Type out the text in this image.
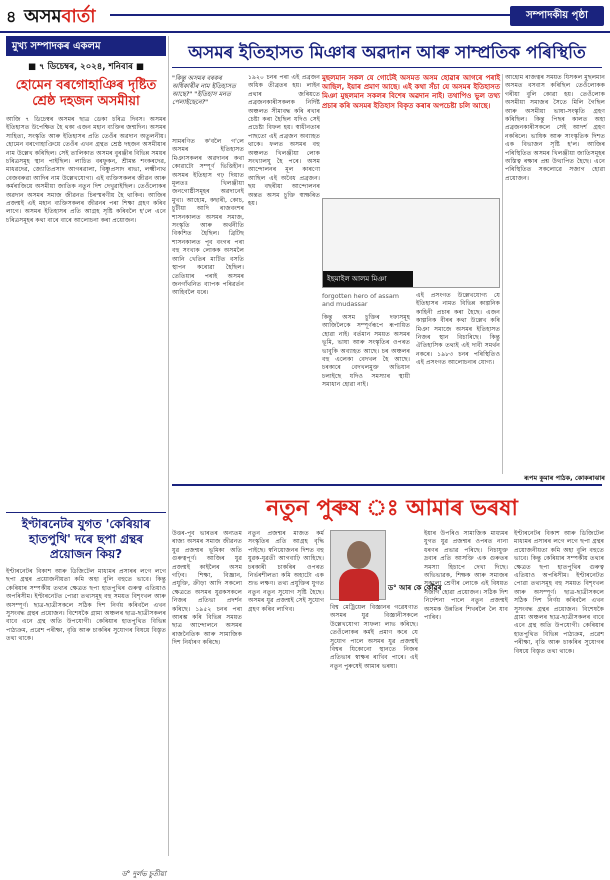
৪ অসমবাৰ্তা	সম্পাদকীয় পৃষ্ঠা
মুখ্য সম্পাদকৰ একলম
■ ৭ ডিচেম্বৰ, ২০২৪, শনিবাৰ ■
হোমেন বৰগোহাঞিৰ দৃষ্টিত শ্ৰেষ্ঠ দহজন অসমীয়া
আজি ৭ ডিচেম্বৰ অসমৰ ছাত্ৰ ডেকা চৰিত্ৰ দিবস। অসমৰ ইতিহাসত উপেক্ষিত হৈ থকা এজন মহান ব্যক্তিৰ জন্মদিন। অসমৰ সাহিত্য, সংস্কৃতি আৰু ইতিহাসৰ প্ৰতি তেওঁৰ অৱদান অতুলনীয়। হোমেন বৰগোহাঞিয়ে তেওঁৰ এখন গ্ৰন্থত শ্ৰেষ্ঠ দহজন অসমীয়াৰ নাম উল্লেখ কৰিছিল। সেই তালিকাত অসমৰ বুৰঞ্জীৰ বিভিন্ন সময়ৰ চৰিত্ৰসমূহ স্থান পাইছিল। লাচিত বৰফুকন, শ্ৰীমন্ত শংকৰদেৱ, মাধৱদেৱ, জ্যোতিপ্ৰসাদ আগৰৱালা, বিষ্ণুপ্ৰসাদ ৰাভা, লক্ষ্মীনাথ বেজবৰুৱা আদিৰ নাম উল্লেখযোগ্য। এই ব্যক্তিসকলৰ জীৱন আৰু কৰ্মৰাজিয়ে অসমীয়া জাতিক নতুন দিশ দেখুৱাইছিল। তেওঁলোকৰ অৱদান অসমৰ সমাজ জীৱনত চিৰস্মৰণীয় হৈ থাকিব। আজিৰ প্ৰজন্মই এই মহান ব্যক্তিসকলৰ জীৱনৰ পৰা শিক্ষা গ্ৰহণ কৰিব লাগে। অসমৰ ইতিহাসৰ প্ৰতি আগ্ৰহ সৃষ্টি কৰিবলৈ হ'লে এনে চৰিত্ৰসমূহৰ কথা বাৰে বাৰে আলোচনা কৰা প্ৰয়োজন।
ইণ্টাৰনেটৰ যুগত 'কেৰিয়াৰ হাতপুথি' দৰে ছপা গ্ৰন্থৰ প্ৰয়োজন কিয়?
ইণ্টাৰনেটৰ বিকাশ আৰু ডিজিটেল মাধ্যমৰ প্ৰসাৰৰ লগে লগে ছপা গ্ৰন্থৰ প্ৰয়োজনীয়তা কমি অহা বুলি বহুতে ভাবে। কিন্তু কেৰিয়াৰ সম্পৰ্কীয় তথ্যৰ ক্ষেত্ৰত ছপা হাতপুথিৰ গুৰুত্ব এতিয়াও অপৰিসীম। ইণ্টাৰনেটত পোৱা তথ্যসমূহ বহু সময়ত বিশৃংখল আৰু অসম্পূৰ্ণ। ছাত্ৰ-ছাত্ৰীসকলে সঠিক দিশ নিৰ্ণয় কৰিবলৈ এখন সুসংবদ্ধ গ্ৰন্থৰ প্ৰয়োজন। বিশেষকৈ গ্ৰাম্য অঞ্চলৰ ছাত্ৰ-ছাত্ৰীসকলৰ বাবে এনে গ্ৰন্থ অতি উপযোগী। কেৰিয়াৰ হাতপুথিত বিভিন্ন পাঠ্যক্ৰম, প্ৰৱেশ পৰীক্ষা, বৃত্তি আৰু চাকৰিৰ সুযোগৰ বিষয়ে বিস্তৃত তথ্য থাকে।
ড° দুৰ্লভ চুতীয়া
অসমৰ ইতিহাসত মিঞাৰ অৱদান আৰু সাম্প্ৰতিক পৰিস্থিতি
সামৰণিত ক'বলৈ গ'লে অসমৰ ইতিহাসত মিঞাসকলৰ অৱদানৰ কথা কোৱাটো সম্পূৰ্ণ ভিত্তিহীন। অসমৰ ইতিহাস গঢ় দিয়াত মূলতঃ খিলঞ্জীয়া জনগোষ্ঠীসমূহৰ অৱদানেই মুখ্য। আহোম, কছাৰী, কোচ, চুটীয়া আদি ৰাজবংশৰ শাসনকালত অসমৰ সমাজ, সংস্কৃতি আৰু অৰ্থনীতি বিকশিত হৈছিল। ব্ৰিটিছ শাসনকালত পূব বংগৰ পৰা বহু সংখ্যক লোকক অসমলৈ আনি খেতিৰ মাটিত বসতি স্থাপন কৰোৱা হৈছিল। তেতিয়াৰ পৰাই অসমৰ জনগাঁথনিত ব্যাপক পৰিৱৰ্তন আহিবলৈ ধৰে।
"কিন্তু অসমৰ বৰকৰ অধিকাৰীৰ নাম ইতিহাসত আছে?" "ইতিহাস মনত পেলাইছেনে?"
১৯২০ চনৰ পৰা এই প্ৰব্ৰজন অধিক তীব্ৰতৰ হয়। লাইন প্ৰথাৰ জৰিয়তে প্ৰব্ৰজনকাৰীসকলক নিৰ্দিষ্ট অঞ্চলত সীমাবদ্ধ কৰি ৰখাৰ চেষ্টা কৰা হৈছিল যদিও সেই প্ৰচেষ্টা বিফল হয়। স্বাধীনতাৰ পাছতো এই প্ৰব্ৰজন অব্যাহত থাকে। ফলত অসমৰ বহু অঞ্চলত খিলঞ্জীয়া লোক সংখ্যালঘু হৈ পৰে। অসম আন্দোলনৰ মূল কাৰণো আছিল এই অবৈধ প্ৰব্ৰজন। ছয় বছৰীয়া আন্দোলনৰ অন্তত অসম চুক্তি স্বাক্ষৰিত হয়।
মুছলমান সকল যে গোটেই অসমত অসম হোৱাৰ আগৰে পৰাই আছিল, ইয়াৰ প্ৰমাণ আছে। এই কথা সঁচা যে অসমৰ ইতিহাসত মিঞা মুছলমান সকলৰ বিশেষ অৱদান নাই। তথাপিও ভুল তথ্য প্ৰচাৰ কৰি অসমৰ ইতিহাস বিকৃত কৰাৰ অপচেষ্টা চলি আছে।
ইছমাইল আলম মিঞা
forgotten hero of assam and mudassar
কিন্তু অসম চুক্তিৰ দফাসমূহ আজিলৈকে সম্পূৰ্ণৰূপে ৰূপায়িত হোৱা নাই। বৰ্তমান সময়ত অসমৰ ভূমি, ভাষা আৰু সংস্কৃতিৰ ওপৰত ভাবুকি অব্যাহত আছে। চৰ অঞ্চলৰ বহু এলেকা বেদখল হৈ আছে। চৰকাৰে বেদখলমুক্ত অভিযান চলাইছে যদিও সমস্যাৰ স্থায়ী সমাধান হোৱা নাই।
এই প্ৰসংগত উল্লেখযোগ্য যে ইতিহাসৰ নামত বিভিন্ন কাল্পনিক কাহিনী প্ৰচাৰ কৰা হৈছে। এজন কাল্পনিক বীৰৰ কথা উল্লেখ কৰি মিঞা সমাজে অসমৰ ইতিহাসত নিজৰ স্থান বিচাৰিছে। কিন্তু ঐতিহাসিক তথ্যই এই দাবী সমৰ্থন নকৰে। ১৯৮৩ চনৰ পৰিস্থিতিও এই প্ৰসংগত আলোচনাৰ যোগ্য।
আহোম ৰাজত্বৰ সময়ত যিসকল মুছলমান অসমত বসবাস কৰিছিল তেওঁলোকক গৰীয়া বুলি কোৱা হয়। তেওঁলোক অসমীয়া সমাজৰ সৈতে মিলি গৈছিল আৰু অসমীয়া ভাষা-সংস্কৃতি গ্ৰহণ কৰিছিল। কিন্তু পিছৰ কালত অহা প্ৰব্ৰজনকাৰীসকলে সেই আদৰ্শ গ্ৰহণ নকৰিলে। ভাষিক আৰু সাংস্কৃতিক দিশত এক বিভাজন সৃষ্টি হ'ল। আজিৰ পৰিস্থিতিত অসমৰ খিলঞ্জীয়া জাতিসমূহৰ অস্তিত্ব ৰক্ষাৰ প্ৰশ্ন উত্থাপিত হৈছে। এনে পৰিস্থিতিত সকলোৱে সজাগ হোৱা প্ৰয়োজন।
ৰূপম কুমাৰ পাঠক, কোকৰাঝাৰ
নতুন পুৰুষ ঃ আমাৰ ভৰষা
উত্তৰ-পূব ভাৰতৰ অন্যতম ৰাজ্য অসমৰ সমাজ জীৱনত যুৱ প্ৰজন্মৰ ভূমিকা অতি গুৰুত্বপূৰ্ণ। আজিৰ যুৱ প্ৰজন্মই কাইলৈৰ অসম গঢ়িব। শিক্ষা, বিজ্ঞান, প্ৰযুক্তি, ক্ৰীড়া আদি সকলো ক্ষেত্ৰতে অসমৰ যুৱকসকলে নিজৰ প্ৰতিভা প্ৰদৰ্শন কৰিছে। ১৯৫২ চনৰ পৰা আৰম্ভ কৰি বিভিন্ন সময়ত ছাত্ৰ আন্দোলনে অসমৰ ৰাজনৈতিক আৰু সামাজিক দিশ নিৰ্ধাৰণ কৰিছে।
নতুন প্ৰজন্মৰ মাজত কৰ্ম সংস্কৃতিৰ প্ৰতি আগ্ৰহ বৃদ্ধি পাইছে। স্বনিয়োজনৰ দিশত বহু যুৱক-যুৱতী আগবাঢ়ি আহিছে। চৰকাৰী চাকৰিৰ ওপৰত নিৰ্ভৰশীলতা কমি অহাটো এক শুভ লক্ষণ। তথ্য প্ৰযুক্তিৰ যুগত নতুন নতুন সুযোগ সৃষ্টি হৈছে। অসমৰ যুৱ প্ৰজন্মই সেই সুযোগ গ্ৰহণ কৰিব লাগিব।
ড° আৰ কে কোঁৱৰ
বিশ্ব মেট্ৰিয়েল বিজ্ঞানৰ গৱেষণাত অসমৰ যুৱ বিজ্ঞানীসকলে উল্লেখযোগ্য সাফল্য লাভ কৰিছে। তেওঁলোকৰ কৰ্মই প্ৰমাণ কৰে যে সুযোগ পালে অসমৰ যুৱ প্ৰজন্মই বিশ্বৰ যিকোনো স্থানতে নিজৰ প্ৰতিভাৰ স্বাক্ষৰ ৰাখিব পাৰে। এই নতুন পুৰুষেই আমাৰ ভৰষা।
ইয়াৰ উপৰিও সামাজিক মাধ্যমৰ যুগত যুৱ প্ৰজন্মৰ ওপৰত নানা ধৰণৰ প্ৰভাৱ পৰিছে। নিচাযুক্ত দ্ৰব্যৰ প্ৰতি আসক্তি এক গুৰুতৰ সমস্যা হিচাপে দেখা দিছে। অভিভাৱক, শিক্ষক আৰু সমাজৰ সকলো শ্ৰেণীৰ লোকে এই বিষয়ত সজাগ হোৱা প্ৰয়োজন। সঠিক দিশ নিৰ্দেশনা পালে নতুন প্ৰজন্মই অসমক উন্নতিৰ শিখৰলৈ লৈ যাব পাৰিব।
ইণ্টাৰনেটৰ বিকাশ আৰু ডিজিটেল মাধ্যমৰ প্ৰসাৰৰ লগে লগে ছপা গ্ৰন্থৰ প্ৰয়োজনীয়তা কমি অহা বুলি বহুতে ভাবে। কিন্তু কেৰিয়াৰ সম্পৰ্কীয় তথ্যৰ ক্ষেত্ৰত ছপা হাতপুথিৰ গুৰুত্ব এতিয়াও অপৰিসীম। ইণ্টাৰনেটত পোৱা তথ্যসমূহ বহু সময়ত বিশৃংখল আৰু অসম্পূৰ্ণ। ছাত্ৰ-ছাত্ৰীসকলে সঠিক দিশ নিৰ্ণয় কৰিবলৈ এখন সুসংবদ্ধ গ্ৰন্থৰ প্ৰয়োজন। বিশেষকৈ গ্ৰাম্য অঞ্চলৰ ছাত্ৰ-ছাত্ৰীসকলৰ বাবে এনে গ্ৰন্থ অতি উপযোগী। কেৰিয়াৰ হাতপুথিত বিভিন্ন পাঠ্যক্ৰম, প্ৰৱেশ পৰীক্ষা, বৃত্তি আৰু চাকৰিৰ সুযোগৰ বিষয়ে বিস্তৃত তথ্য থাকে।
